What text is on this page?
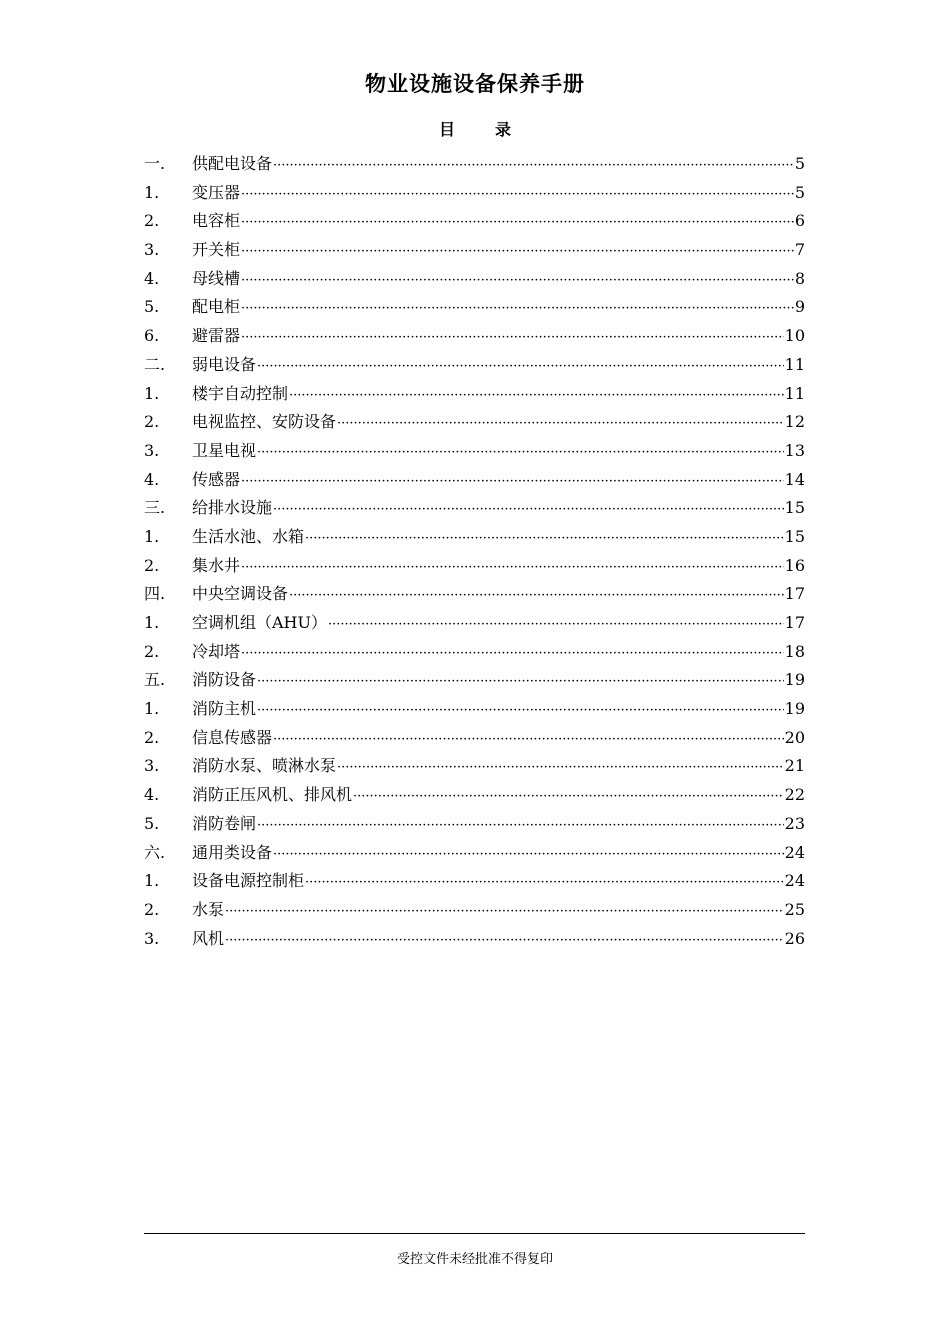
物业设施设备保养手册
目录
一.	供配电设备 ·····	5
1.	变压器 ·····	5
2.	电容柜 ·····	6
3.	开关柜 ·····	7
4.	母线槽 ·····	8
5.	配电柜 ·····	9
6.	避雷器 ·····	10
二.	弱电设备 ·····	11
1.	楼宇自动控制 ·····	11
2.	电视监控、安防设备 ·····	12
3.	卫星电视 ·····	13
4.	传感器 ·····	14
三.	给排水设施 ·····	15
1.	生活水池、水箱 ·····	15
2.	集水井 ·····	16
四.	中央空调设备 ·····	17
1.	空调机组（AHU） ·····	17
2.	冷却塔 ·····	18
五.	消防设备 ·····	19
1.	消防主机 ·····	19
2.	信息传感器 ·····	20
3.	消防水泵、喷淋水泵 ·····	21
4.	消防正压风机、排风机 ·····	22
5.	消防卷闸 ·····	23
六.	通用类设备 ·····	24
1.	设备电源控制柜 ·····	24
2.	水泵 ·····	25
3.	风机 ·····	26
受控文件未经批准不得复印
